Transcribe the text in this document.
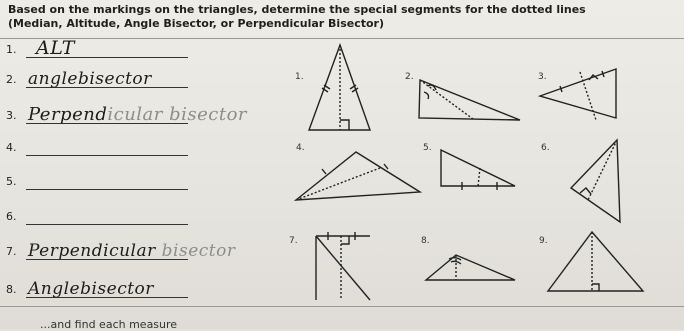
Based on the markings on the triangles, determine the special segments for the dotted lines
(Median, Altitude, Angle Bisector, or Perpendicular Bisector)
1. ALT
2. anglebisector
3. Perpendicular bisector
4.
5.
6.
7. Perpendicular bisector
8. Anglebisector
1.	2.	3.
4.	5.	6.
7.	8.	9.
...and find each measure
